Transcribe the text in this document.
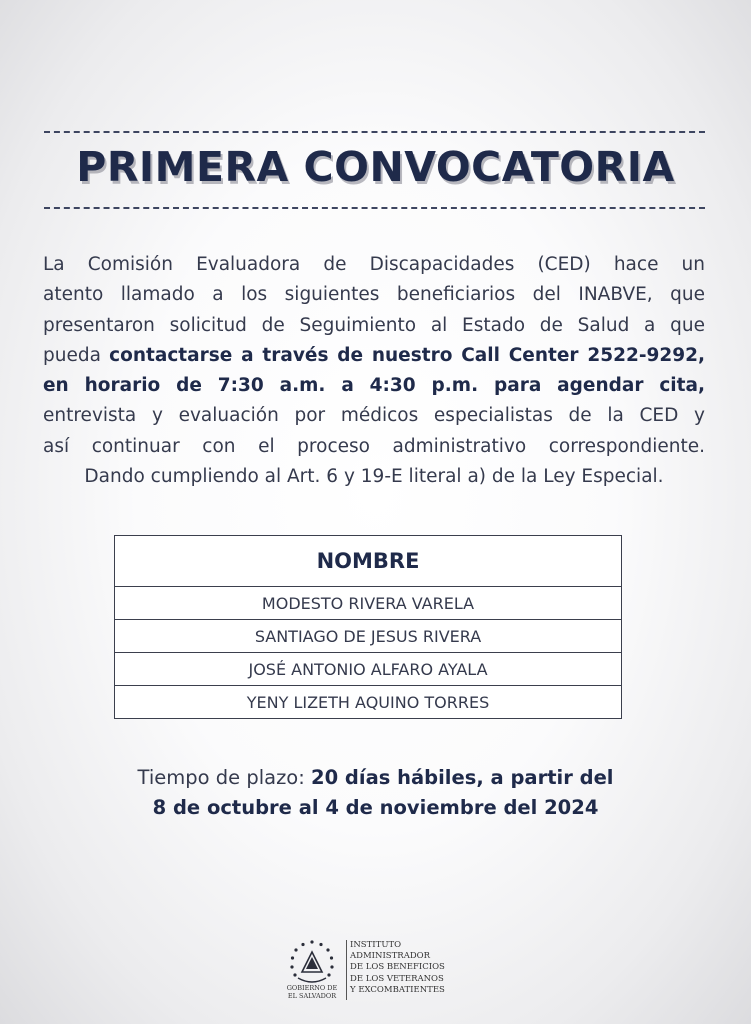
PRIMERA CONVOCATORIA
La Comisión Evaluadora de Discapacidades (CED) hace un
atento llamado a los siguientes beneficiarios del INABVE, que
presentaron solicitud de Seguimiento al Estado de Salud a que
pueda contactarse a través de nuestro Call Center 2522-9292,
en horario de 7:30 a.m. a 4:30 p.m. para agendar cita,
entrevista y evaluación por médicos especialistas de la CED y
así continuar con el proceso administrativo correspondiente.
Dando cumpliendo al Art. 6 y 19-E literal a) de la Ley Especial.
NOMBRE
MODESTO RIVERA VARELA
SANTIAGO DE JESUS RIVERA
JOSÉ ANTONIO ALFARO AYALA
YENY LIZETH AQUINO TORRES
Tiempo de plazo: 20 días hábiles, a partir del
8 de octubre al 4 de noviembre del 2024
GOBIERNO DE
EL SALVADOR
INSTITUTO
ADMINISTRADOR
DE LOS BENEFICIOS
DE LOS VETERANOS
Y EXCOMBATIENTES
